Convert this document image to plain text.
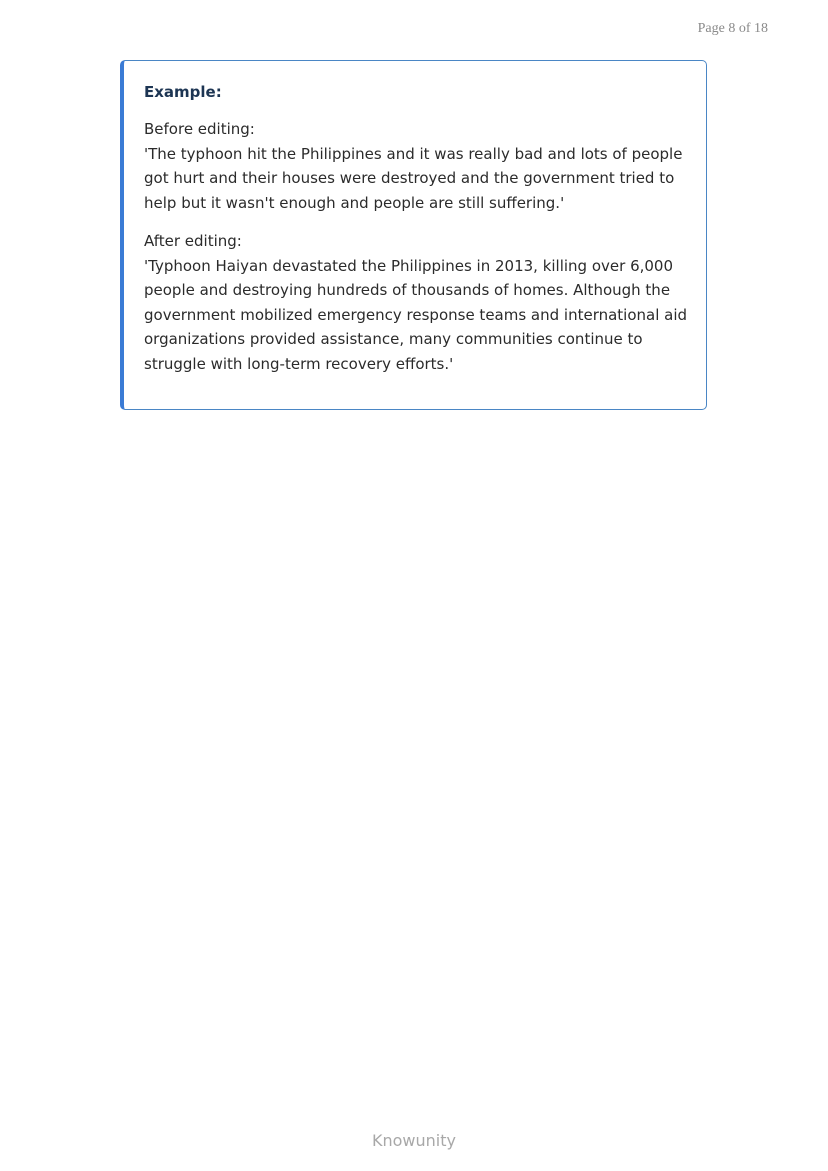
Page 8 of 18

Example:

Before editing:

'The typhoon hit the Philippines and it was really bad and lots of people got hurt and their houses were destroyed and the government tried to help but it wasn't enough and people are still suffering.'

After editing:

'Typhoon Haiyan devastated the Philippines in 2013, killing over 6,000 people and destroying hundreds of thousands of homes. Although the government mobilized emergency response teams and international aid organizations provided assistance, many communities continue to struggle with long-term recovery efforts.'

Knowunity
